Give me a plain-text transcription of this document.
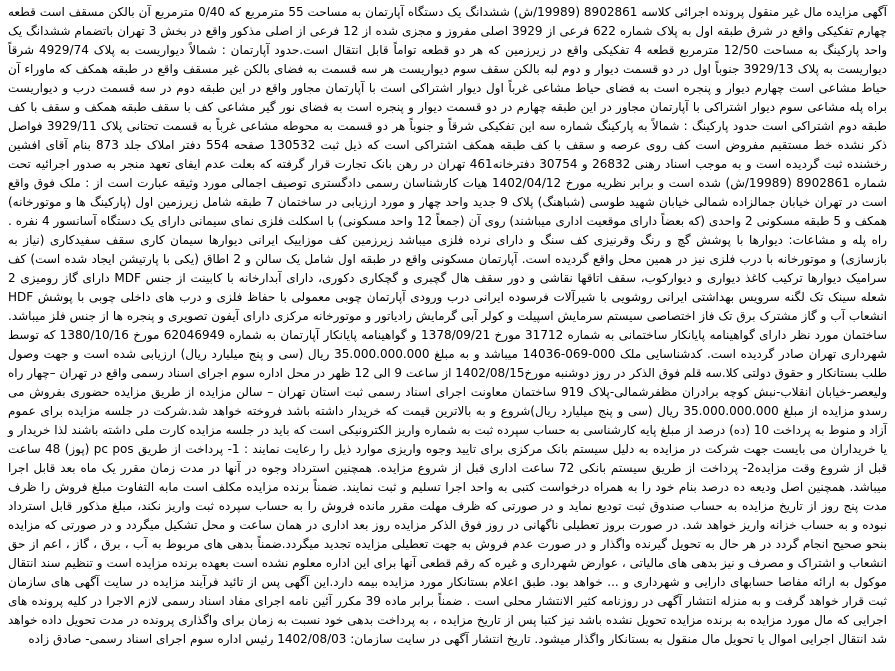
آگهی مزایده مال غیر منقول پرونده اجرائی کلاسه 8902861 (19989/ش) ششدانگ یک دستگاه آپارتمان به مساحت 55 مترمربع که 0/40 مترمربع آن بالکن مسقف است قطعه چهارم تفکیکی واقع در شرق طبقه اول به پلاک شماره 622 فرعی از 3929 اصلی مفروز و مجزی شده از 12 فرعی از اصلی مذکور واقع در بخش 3 تهران باتضمام ششدانگ یک واحد پارکینگ به مساحت 12/50 مترمربع قطعه 4 تفکیکی واقع در زیرزمین که هر دو قطعه تواماً قابل انتقال است.حدود آپارتمان : شمالاً دیواریست به پلاک 4929/74 شرقاً دیواریست به پلاک 3929/13 جنوباً اول در دو قسمت دیوار و دوم لبه بالکن سقف سوم دیواریست هر سه قسمت به فضای بالکن غیر مسقف واقع در طبقه همکف که ماوراء آن حیاط مشاعی است چهارم دیوار و پنجره است به فضای حیاط مشاعی غرباً اول دیوار اشتراکی است با آپارتمان مجاور واقع در این طبقه دوم در سه قسمت درب و دیواریست براه پله مشاعی سوم دیوار اشتراکی با آپارتمان مجاور در این طبقه چهارم در دو قسمت دیوار و پنجره است به فضای نور گیر مشاعی کف با سقف طبقه همکف و سقف با کف طبقه دوم اشتراکی است حدود پارکینگ : شمالاً به پارکینگ شماره سه این تفکیکی شرقاً و جنوباً هر دو قسمت به محوطه مشاعی غرباً به قسمت تحتانی پلاک 3929/11 فواصل ذکر نشده خط مستقیم مفروض است کف روی عرصه و سقف با کف طبقه همکف اشتراکی است که ذیل ثبت 130532 صفحه 554 دفتر املاک جلد 873 بنام آقای افشین رخشنده ثبت گردیده است و به موجب اسناد رهنی 26832 و 30754 دفترخانه461 تهران در رهن بانک تجارت قرار گرفته که بعلت عدم ایفای تعهد منجر به صدور اجرائیه تحت شماره 8902861 (19989/ش) شده است و برابر نظریه مورخ 1402/04/12 هیات کارشناسان رسمی دادگستری توصیف اجمالی مورد وثیقه عبارت است از : ملک فوق واقع است در تهران خیابان جمالزاده شمالی خیابان شهید طوسی (شباهنگ) پلاک 9 جدید واحد چهار و مورد ارزیابی در ساختمان 7 طبقه شامل زیرزمین اول (پارکینگ ها و موتورخانه) همکف و 5 طبقه مسکونی 2 واحدی (که بعضاً دارای موقعیت اداری میباشند) روی آن (جمعاً 12 واحد مسکونی) با اسکلت فلزی نمای سیمانی دارای یک دستگاه آسانسور 4 نفره . راه پله و مشاعات: دیوارها با پوشش گچ و رنگ وقرنیزی کف سنگ و دارای نرده فلزی میباشد زیرزمین کف موزاییک ایرانی دیوارها سیمان کاری سقف سفیدکاری (نیاز به بازسازی) و موتورخانه با درب فلزی نیز در همین محل واقع گردیده است. آپارتمان مسکونی واقع در طبقه اول شامل یک سالن و 2 اطاق (یکی با پارتیشن ایجاد شده است) کف سرامیک دیوارها ترکیب کاغذ دیواری و دیوارکوب، سقف اتاقها نقاشی و دور سقف هال گچبری و گچکاری دکوری، دارای آبدارخانه با کابینت از جنس MDF دارای گاز رومیزی 2 شعله سینک تک لگنه سرویس بهداشتی ایرانی روشویی با شیرآلات فرسوده ایرانی درب ورودی آپارتمان چوبی معمولی با حفاظ فلزی و درب های داخلی چوبی با پوشش HDF انشعاب آب و گاز مشترک برق تک فاز اختصاصی سیستم سرمایش اسپیلت و کولر آبی گرمایش رادیاتور و موتورخانه مرکزی دارای آیفون تصویری و پنجره ها از جنس فلز میباشد. ساختمان مورد نظر دارای گواهینامه پایانکار ساختمانی به شماره 31712 مورخ 1378/09/21 و گواهینامه پایانکار آپارتمان به شماره 62046949 مورخ 1380/10/16 که توسط شهرداری تهران صادر گردیده است. کدشناسایی ملک 000-069-14036 میباشد و به مبلغ 35.000.000.000 ریال (سی و پنج میلیارد ریال) ارزیابی شده است و جهت وصول طلب بستانکار و حقوق دولتی کلا.سه قلم فوق الذکر در روز دوشنبه مورخ1402/08/15 از ساعت 9 الی 12 ظهر در محل اداره سوم اجرای اسناد رسمی واقع در تهران –چهار راه ولیعصر-خیابان انقلاب-نبش کوچه برادران مظفرشمالی-پلاک 919 ساختمان معاونت اجرای اسناد رسمی ثبت استان تهران – سالن مزایده از طریق مزایده حضوری بفروش می رسدو مزایده از مبلغ 35.000.000.000 ریال (سی و پنج میلیارد ریال)شروع و به بالاترین قیمت که خریدار داشته باشد فروخته خواهد شد.شرکت در جلسه مزایده برای عموم آزاد و منوط به پرداخت 10 (ده) درصد از مبلغ پایه کارشناسی به حساب سپرده ثبت به شماره واریز الکترونیکی است که باید در جلسه مزایده کارت ملی داشته باشند لذا خریدار و یا خریداران می بایست جهت شرکت در مزایده به دلیل سیستم بانک مرکزی برای تایید وجوه واریزی موارد ذیل را رعایت نمایند : 1- پرداخت از طریق pc pos (پوز) 48 ساعت قبل از شروع وقت مزایده2- پرداخت از طریق سیستم بانکی 72 ساعت اداری قبل از شروع مزایده. همچنین استرداد وجوه در آنها در مدت زمان مقرر یک ماه بعد قابل اجرا میباشد. همچنین اصل ودیعه ده درصد بنام خود را به همراه درخواست کتبی به واحد اجرا تسلیم و ثبت نمایند. ضمناً برنده مزایده مکلف است مابه التفاوت مبلغ فروش را ظرف مدت پنج روز از تاریخ مزایده به حساب صندوق ثبت تودیع نماید و در صورتی که ظرف مهلت مقرر مانده فروش را به حساب سپرده ثبت واریز نکند، مبلغ مذکور قابل استرداد نبوده و به حساب خزانه واریز خواهد شد. در صورت بروز تعطیلی ناگهانی در روز فوق الذکر مزایده روز بعد اداری در همان ساعت و محل تشکیل میگردد و در صورتی که مزایده بنحو صحیح انجام گردد در هر حال به تحویل گیرنده واگذار و در صورت عدم فروش به جهت تعطیلی مزایده تجدید میگردد.ضمناً بدهی های مربوط به آب ، برق ، گاز ، اعم از حق انشعاب و اشتراک و مصرف و نیز بدهی های مالیاتی ، عوارض شهرداری و غیره که رقم قطعی آنها برای این اداره معلوم نشده است بعهده برنده مزایده است و تنظیم سند انتقال موکول به ارائه مفاصا حسابهای دارایی و شهرداری و ... خواهد بود. طبق اعلام بستانکار مورد مزایده بیمه دارد.این آگهی پس از تائید فرآیند مزایده در سایت آگهی های سازمان ثبت قرار خواهد گرفت و به منزله انتشار آگهی در روزنامه کثیر الانتشار محلی است . ضمناً برابر ماده 39 مکرر آئین نامه اجرای مفاد اسناد رسمی لازم الاجرا در کلیه پرونده های اجرایی که مال مورد مزایده به برنده مزایده تحویل نشده باشد نیز کتبا پس از تاریخ مزایده ، به پرداخت بدهی خود نسبت به زمان برای واگذاری پرونده در مدت تحویل داده خواهد شد انتقال اجرایی اموال یا تحویل مال منقول به بستانکار واگذار میشود. تاریخ انتشار آگهی در سایت سازمان: 1402/08/03 رئیس اداره سوم اجرای اسناد رسمی- صادق زاده
